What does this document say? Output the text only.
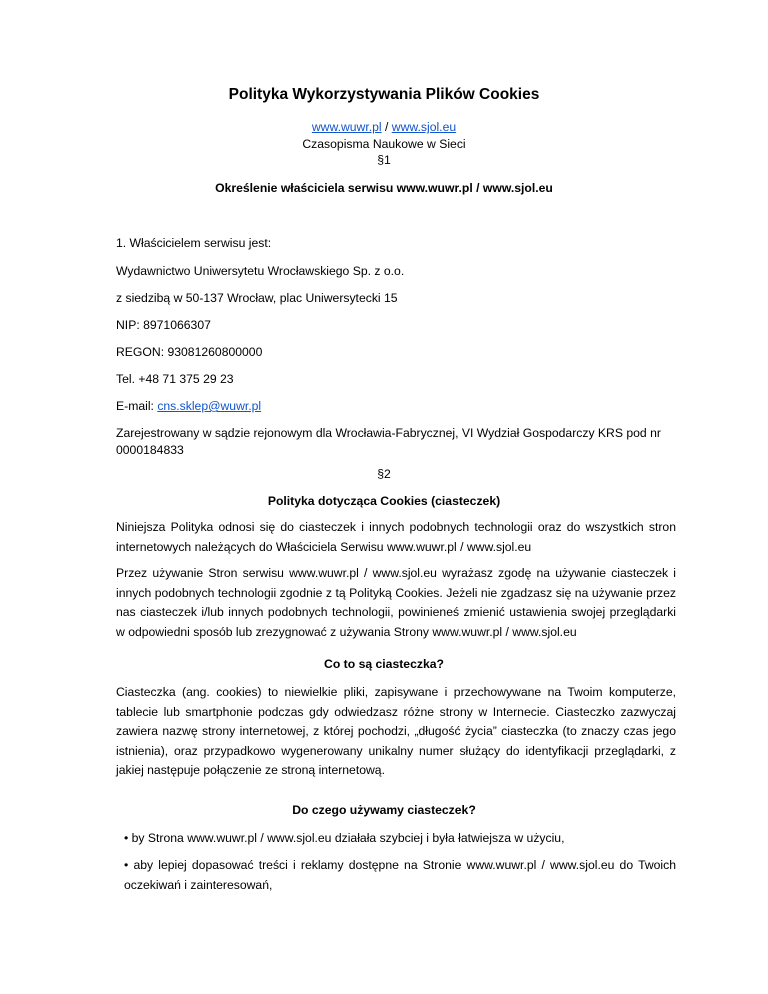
Polityka Wykorzystywania Plików Cookies
www.wuwr.pl / www.sjol.eu
Czasopisma Naukowe w Sieci
§1
Określenie właściciela serwisu www.wuwr.pl / www.sjol.eu
1. Właścicielem serwisu jest:
Wydawnictwo Uniwersytetu Wrocławskiego Sp. z o.o.
z siedzibą w 50-137 Wrocław, plac Uniwersytecki 15
NIP: 8971066307
REGON: 93081260800000
Tel. +48 71 375 29 23
E-mail: cns.sklep@wuwr.pl
Zarejestrowany w sądzie rejonowym dla Wrocławia-Fabrycznej, VI Wydział Gospodarczy KRS pod nr
0000184833
§2
Polityka dotycząca Cookies (ciasteczek)
Niniejsza Polityka odnosi się do ciasteczek i innych podobnych technologii oraz do wszystkich stron internetowych należących do Właściciela Serwisu www.wuwr.pl / www.sjol.eu
Przez używanie Stron serwisu www.wuwr.pl / www.sjol.eu wyrażasz zgodę na używanie ciasteczek i innych podobnych technologii zgodnie z tą Polityką Cookies. Jeżeli nie zgadzasz się na używanie przez nas ciasteczek i/lub innych podobnych technologii, powinieneś zmienić ustawienia swojej przeglądarki w odpowiedni sposób lub zrezygnować z używania Strony www.wuwr.pl / www.sjol.eu
Co to są ciasteczka?
Ciasteczka (ang. cookies) to niewielkie pliki, zapisywane i przechowywane na Twoim komputerze, tablecie lub smartphonie podczas gdy odwiedzasz różne strony w Internecie. Ciasteczko zazwyczaj zawiera nazwę strony internetowej, z której pochodzi, „długość życia” ciasteczka (to znaczy czas jego istnienia), oraz przypadkowo wygenerowany unikalny numer służący do identyfikacji przeglądarki, z jakiej następuje połączenie ze stroną internetową.
Do czego używamy ciasteczek?
• by Strona www.wuwr.pl / www.sjol.eu działała szybciej i była łatwiejsza w użyciu,
• aby lepiej dopasować treści i reklamy dostępne na Stronie www.wuwr.pl / www.sjol.eu do Twoich oczekiwań i zainteresowań,
